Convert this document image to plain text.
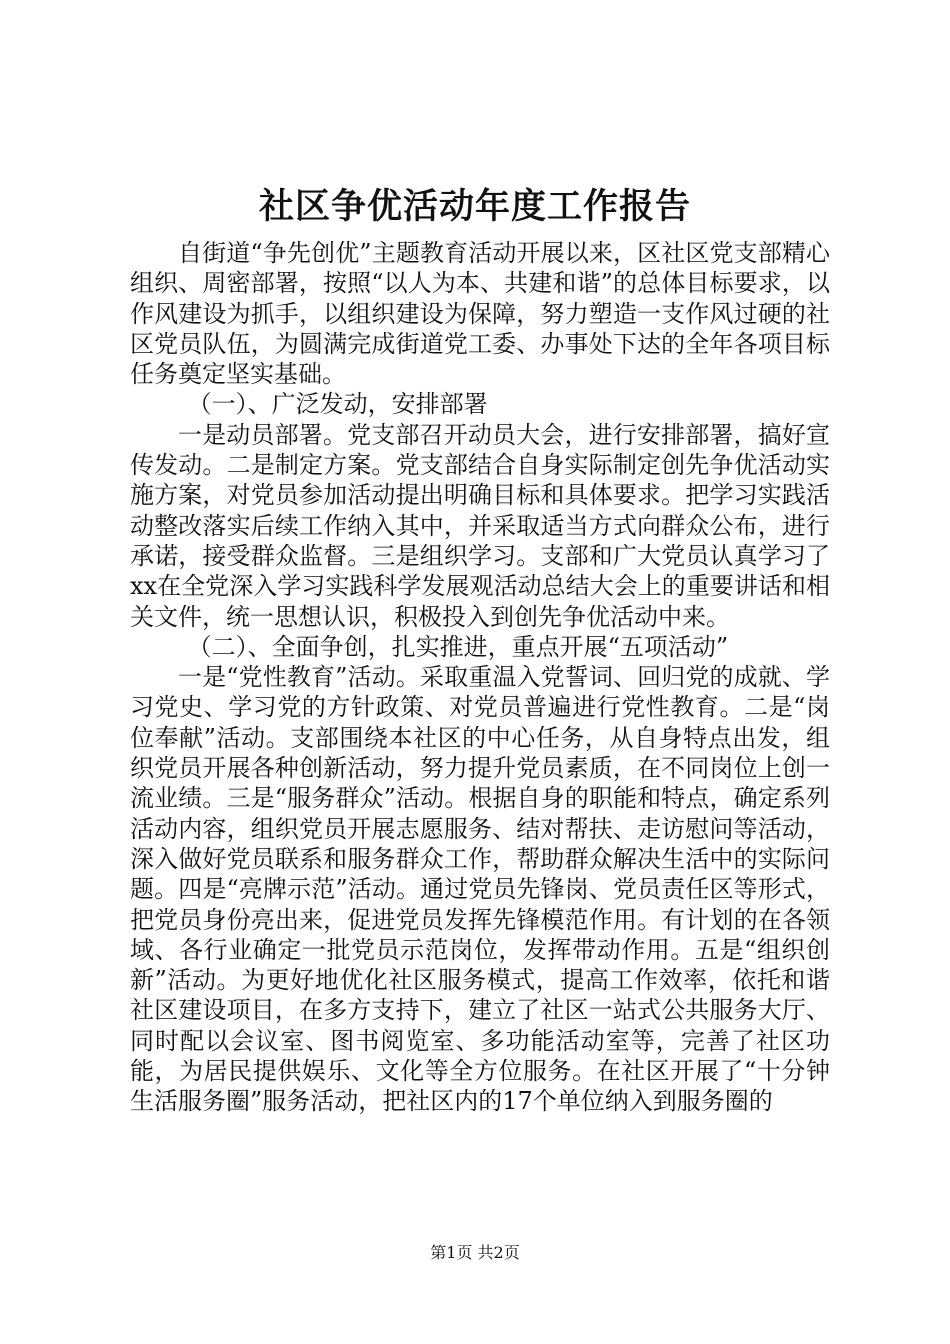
社区争优活动年度工作报告

自街道“争先创优”主题教育活动开展以来，区社区党支部精心组织、周密部署，按照“以人为本、共建和谐”的总体目标要求，以作风建设为抓手，以组织建设为保障，努力塑造一支作风过硬的社区党员队伍，为圆满完成街道党工委、办事处下达的全年各项目标任务奠定坚实基础。

（一）、广泛发动，安排部署

一是动员部署。党支部召开动员大会，进行安排部署，搞好宣传发动。二是制定方案。党支部结合自身实际制定创先争优活动实施方案，对党员参加活动提出明确目标和具体要求。把学习实践活动整改落实后续工作纳入其中，并采取适当方式向群众公布，进行承诺，接受群众监督。三是组织学习。支部和广大党员认真学习了xx在全党深入学习实践科学发展观活动总结大会上的重要讲话和相关文件，统一思想认识，积极投入到创先争优活动中来。

（二）、全面争创，扎实推进，重点开展“五项活动”

一是“党性教育”活动。采取重温入党誓词、回归党的成就、学习党史、学习党的方针政策、对党员普遍进行党性教育。二是“岗位奉献”活动。支部围绕本社区的中心任务，从自身特点出发，组织党员开展各种创新活动，努力提升党员素质，在不同岗位上创一流业绩。三是“服务群众”活动。根据自身的职能和特点，确定系列活动内容，组织党员开展志愿服务、结对帮扶、走访慰问等活动，深入做好党员联系和服务群众工作，帮助群众解决生活中的实际问题。四是“亮牌示范”活动。通过党员先锋岗、党员责任区等形式，把党员身份亮出来，促进党员发挥先锋模范作用。有计划的在各领域、各行业确定一批党员示范岗位，发挥带动作用。五是“组织创新”活动。为更好地优化社区服务模式，提高工作效率，依托和谐社区建设项目，在多方支持下，建立了社区一站式公共服务大厅、同时配以会议室、图书阅览室、多功能活动室等，完善了社区功能，为居民提供娱乐、文化等全方位服务。在社区开展了“十分钟生活服务圈”服务活动，把社区内的17个单位纳入到服务圈的

第1页 共2页
